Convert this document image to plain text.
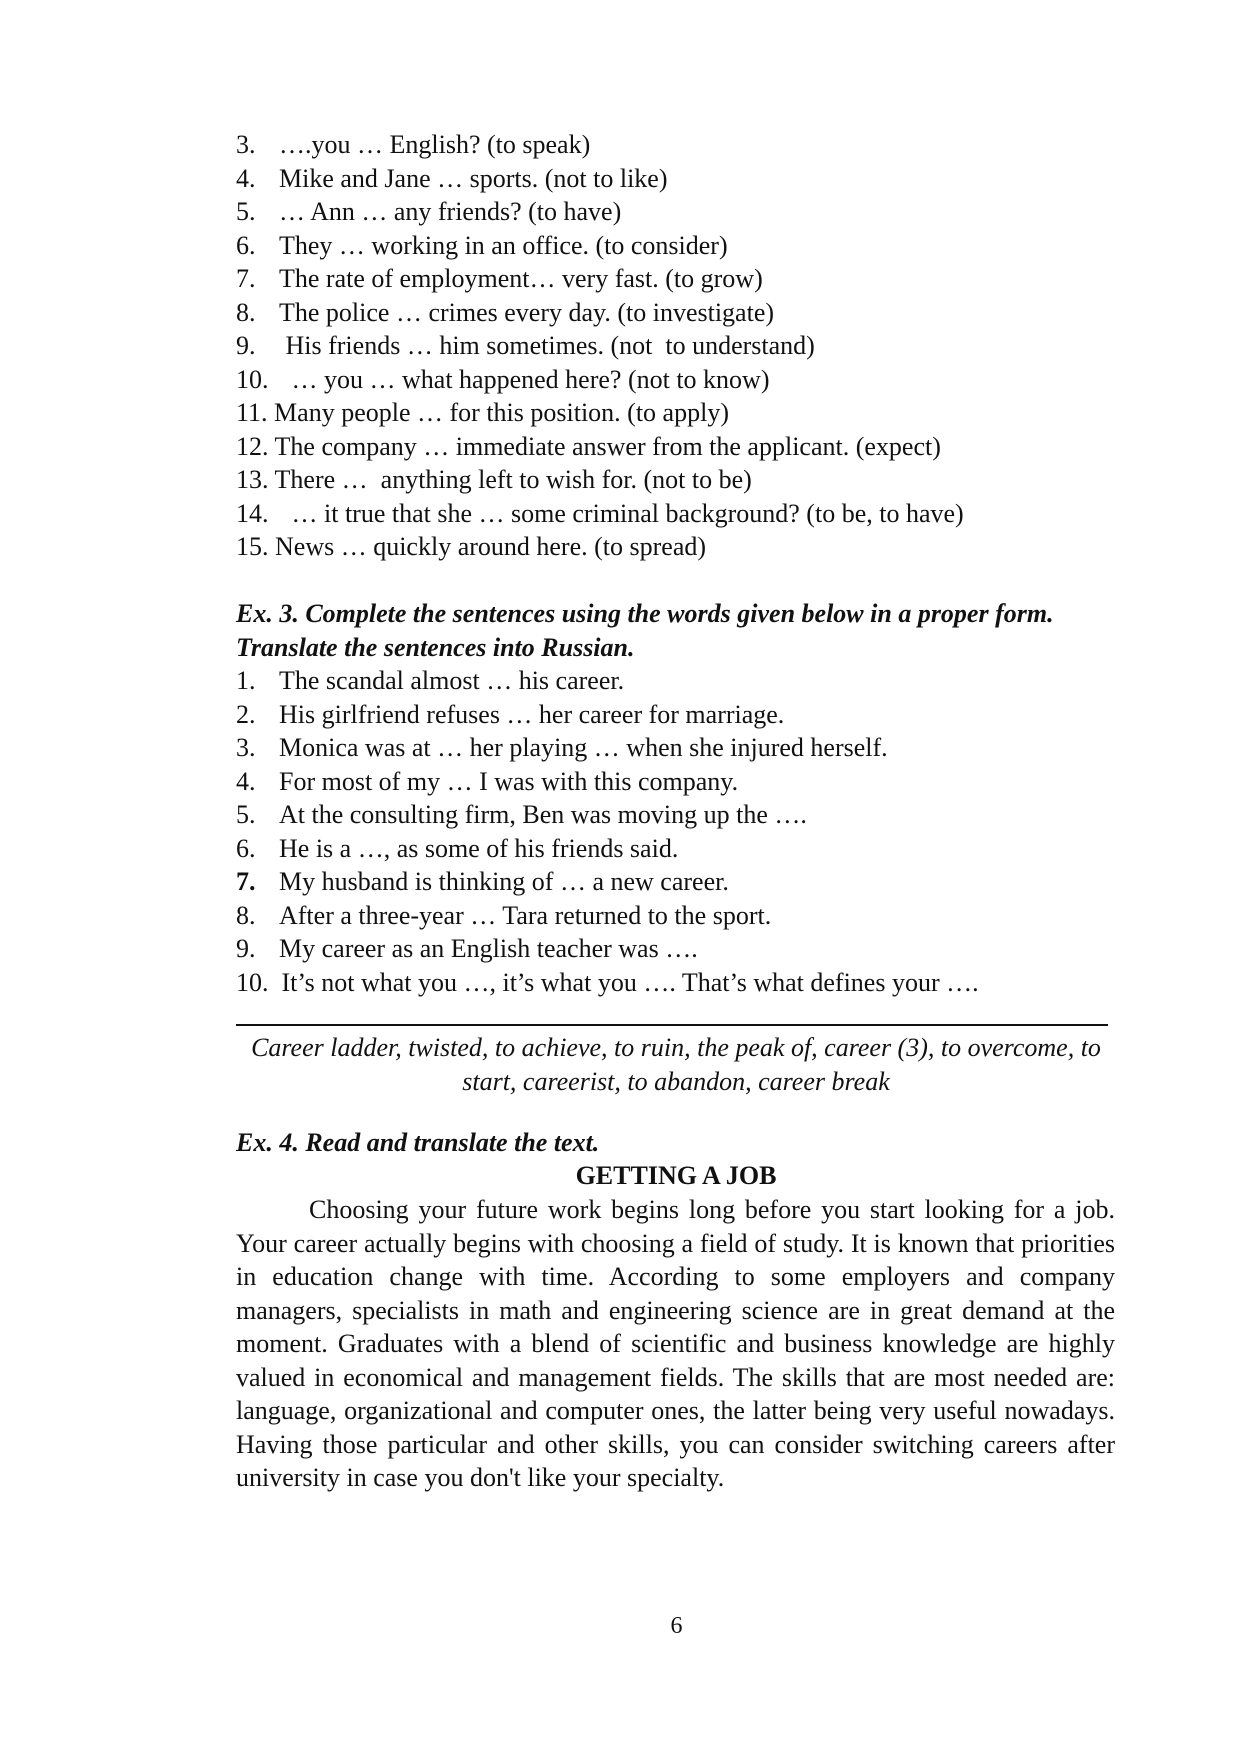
3. ….you … English? (to speak)
4. Mike and Jane … sports. (not to like)
5. … Ann … any friends? (to have)
6. They … working in an office. (to consider)
7. The rate of employment… very fast. (to grow)
8. The police … crimes every day. (to investigate)
9. His friends … him sometimes. (not  to understand)
10. … you … what happened here? (not to know)
11. Many people … for this position. (to apply)
12. The company … immediate answer from the applicant. (expect)
13. There …  anything left to wish for. (not to be)
14. … it true that she … some criminal background? (to be, to have)
15. News … quickly around here. (to spread)
Ex. 3. Complete the sentences using the words given below in a proper form. Translate the sentences into Russian.
1. The scandal almost … his career.
2. His girlfriend refuses … her career for marriage.
3. Monica was at … her playing … when she injured herself.
4. For most of my … I was with this company.
5. At the consulting firm, Ben was moving up the ….
6. He is a …, as some of his friends said.
7. My husband is thinking of … a new career.
8. After a three-year … Tara returned to the sport.
9. My career as an English teacher was ….
10.  It’s not what you …, it’s what you …. That’s what defines your ….
Career ladder, twisted, to achieve, to ruin, the peak of, career (3), to overcome, to start, careerist, to abandon, career break
Ex. 4. Read and translate the text.
GETTING A JOB
Choosing your future work begins long before you start looking for a job. Your career actually begins with choosing a field of study. It is known that priorities in education change with time. According to some employers and company managers, specialists in math and engineering science are in great demand at the moment. Graduates with a blend of scientific and business knowledge are highly valued in economical and management fields. The skills that are most needed are: language, organizational and computer ones, the latter being very useful nowadays. Having those particular and other skills, you can consider switching careers after university in case you don't like your specialty.
6
